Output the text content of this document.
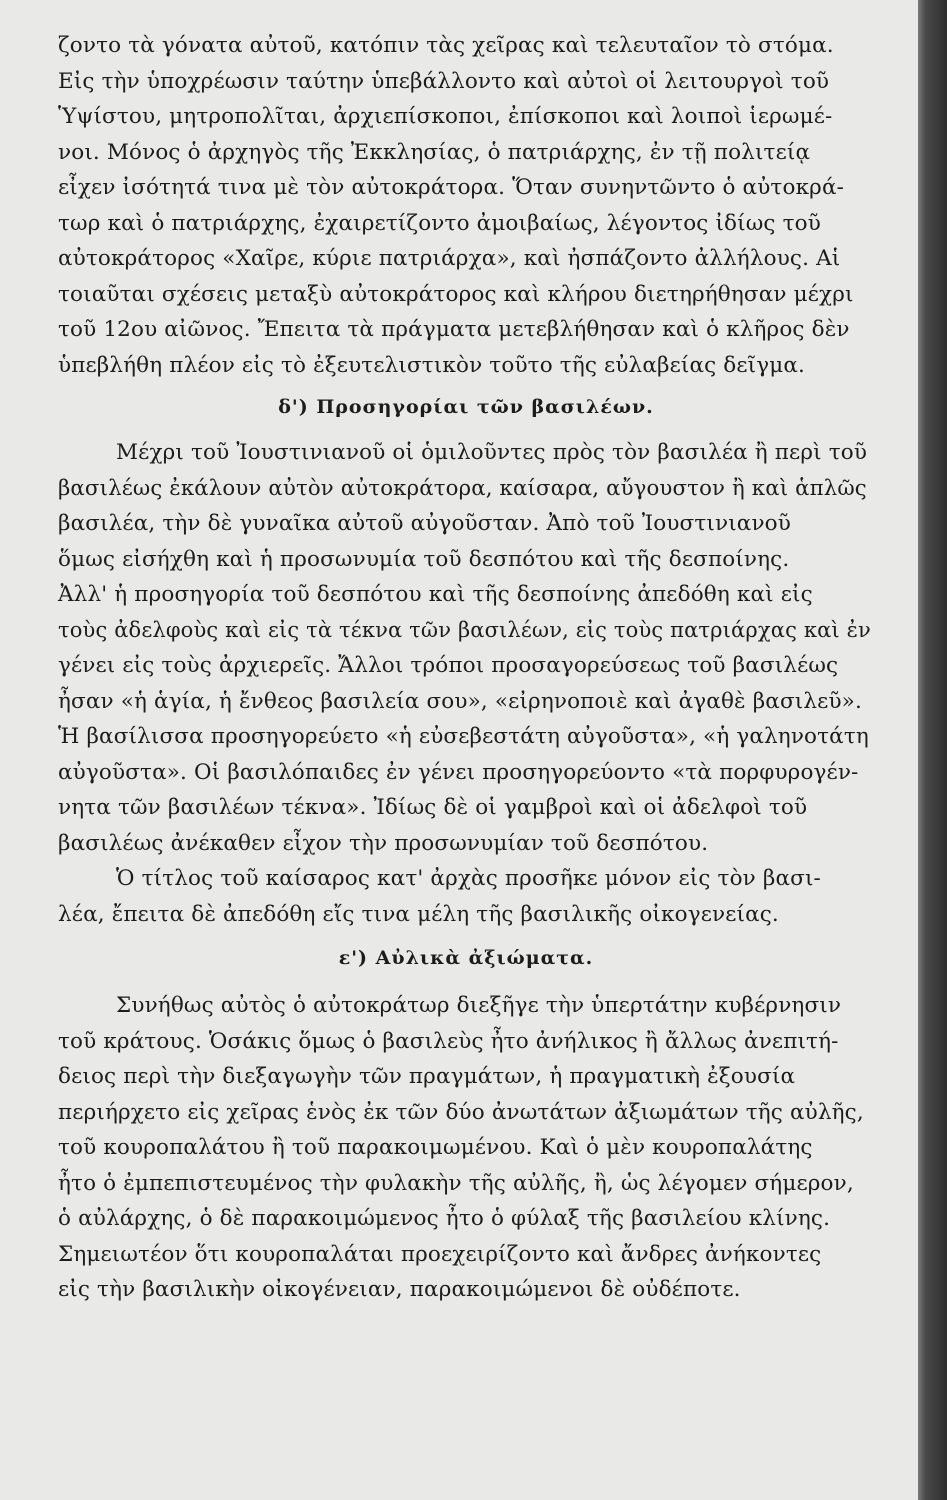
ζοντο τὰ γόνατα αὐτοῦ, κατόπιν τὰς χεῖρας καὶ τελευταῖον τὸ στόμα.
Εἰς τὴν ὑποχρέωσιν ταύτην ὑπεβάλλοντο καὶ αὐτοὶ οἱ λειτουργοὶ τοῦ
Ὑψίστου, μητροπολῖται, ἀρχιεπίσκοποι, ἐπίσκοποι καὶ λοιποὶ ἱερωμέ-
νοι. Μόνος ὁ ἀρχηγὸς τῆς Ἐκκλησίας, ὁ πατριάρχης, ἐν τῇ πολιτείᾳ
εἶχεν ἰσότητά τινα μὲ τὸν αὐτοκράτορα. Ὅταν συνηντῶντο ὁ αὐτοκρά-
τωρ καὶ ὁ πατριάρχης, ἐχαιρετίζοντο ἀμοιβαίως, λέγοντος ἰδίως τοῦ
αὐτοκράτορος «Χαῖρε, κύριε πατριάρχα», καὶ ἠσπάζοντο ἀλλήλους. Αἱ
τοιαῦται σχέσεις μεταξὺ αὐτοκράτορος καὶ κλήρου διετηρήθησαν μέχρι
τοῦ 12ου αἰῶνος. Ἔπειτα τὰ πράγματα μετεβλήθησαν καὶ ὁ κλῆρος δὲν
ὑπεβλήθη πλέον εἰς τὸ ἐξευτελιστικὸν τοῦτο τῆς εὐλαβείας δεῖγμα.
δ') Προσηγορίαι τῶν βασιλέων.
Μέχρι τοῦ Ἰουστινιανοῦ οἱ ὁμιλοῦντες πρὸς τὸν βασιλέα ἢ περὶ τοῦ
βασιλέως ἐκάλουν αὐτὸν αὐτοκράτορα, καίσαρα, αὔγουστον ἢ καὶ ἁπλῶς
βασιλέα, τὴν δὲ γυναῖκα αὐτοῦ αὐγοῦσταν. Ἀπὸ τοῦ Ἰουστινιανοῦ
ὅμως εἰσήχθη καὶ ἡ προσωνυμία τοῦ δεσπότου καὶ τῆς δεσποίνης.
Ἀλλ' ἡ προσηγορία τοῦ δεσπότου καὶ τῆς δεσποίνης ἀπεδόθη καὶ εἰς
τοὺς ἀδελφοὺς καὶ εἰς τὰ τέκνα τῶν βασιλέων, εἰς τοὺς πατριάρχας καὶ ἐν
γένει εἰς τοὺς ἀρχιερεῖς. Ἄλλοι τρόποι προσαγορεύσεως τοῦ βασιλέως
ἦσαν «ἡ ἁγία, ἡ ἔνθεος βασιλεία σου», «εἰρηνοποιὲ καὶ ἀγαθὲ βασιλεῦ».
Ἡ βασίλισσα προσηγορεύετο «ἡ εὐσεβεστάτη αὐγοῦστα», «ἡ γαληνοτάτη
αὐγοῦστα». Οἱ βασιλόπαιδες ἐν γένει προσηγορεύοντο «τὰ πορφυρογέν-
νητα τῶν βασιλέων τέκνα». Ἰδίως δὲ οἱ γαμβροὶ καὶ οἱ ἀδελφοὶ τοῦ
βασιλέως ἀνέκαθεν εἶχον τὴν προσωνυμίαν τοῦ δεσπότου.
Ὁ τίτλος τοῦ καίσαρος κατ' ἀρχὰς προσῆκε μόνον εἰς τὸν βασι-
λέα, ἔπειτα δὲ ἀπεδόθη εἴς τινα μέλη τῆς βασιλικῆς οἰκογενείας.
ε') Αὐλικὰ ἀξιώματα.
Συνήθως αὐτὸς ὁ αὐτοκράτωρ διεξῆγε τὴν ὑπερτάτην κυβέρνησιν
τοῦ κράτους. Ὁσάκις ὅμως ὁ βασιλεὺς ἦτο ἀνήλικος ἢ ἄλλως ἀνεπιτή-
δειος περὶ τὴν διεξαγωγὴν τῶν πραγμάτων, ἡ πραγματικὴ ἐξουσία
περιήρχετο εἰς χεῖρας ἑνὸς ἐκ τῶν δύο ἀνωτάτων ἀξιωμάτων τῆς αὐλῆς,
τοῦ κουροπαλάτου ἢ τοῦ παρακοιμωμένου. Καὶ ὁ μὲν κουροπαλάτης
ἦτο ὁ ἐμπεπιστευμένος τὴν φυλακὴν τῆς αὐλῆς, ἢ, ὡς λέγομεν σήμερον,
ὁ αὐλάρχης, ὁ δὲ παρακοιμώμενος ἦτο ὁ φύλαξ τῆς βασιλείου κλίνης.
Σημειωτέον ὅτι κουροπαλάται προεχειρίζοντο καὶ ἄνδρες ἀνήκοντες
εἰς τὴν βασιλικὴν οἰκογένειαν, παρακοιμώμενοι δὲ οὐδέποτε.
